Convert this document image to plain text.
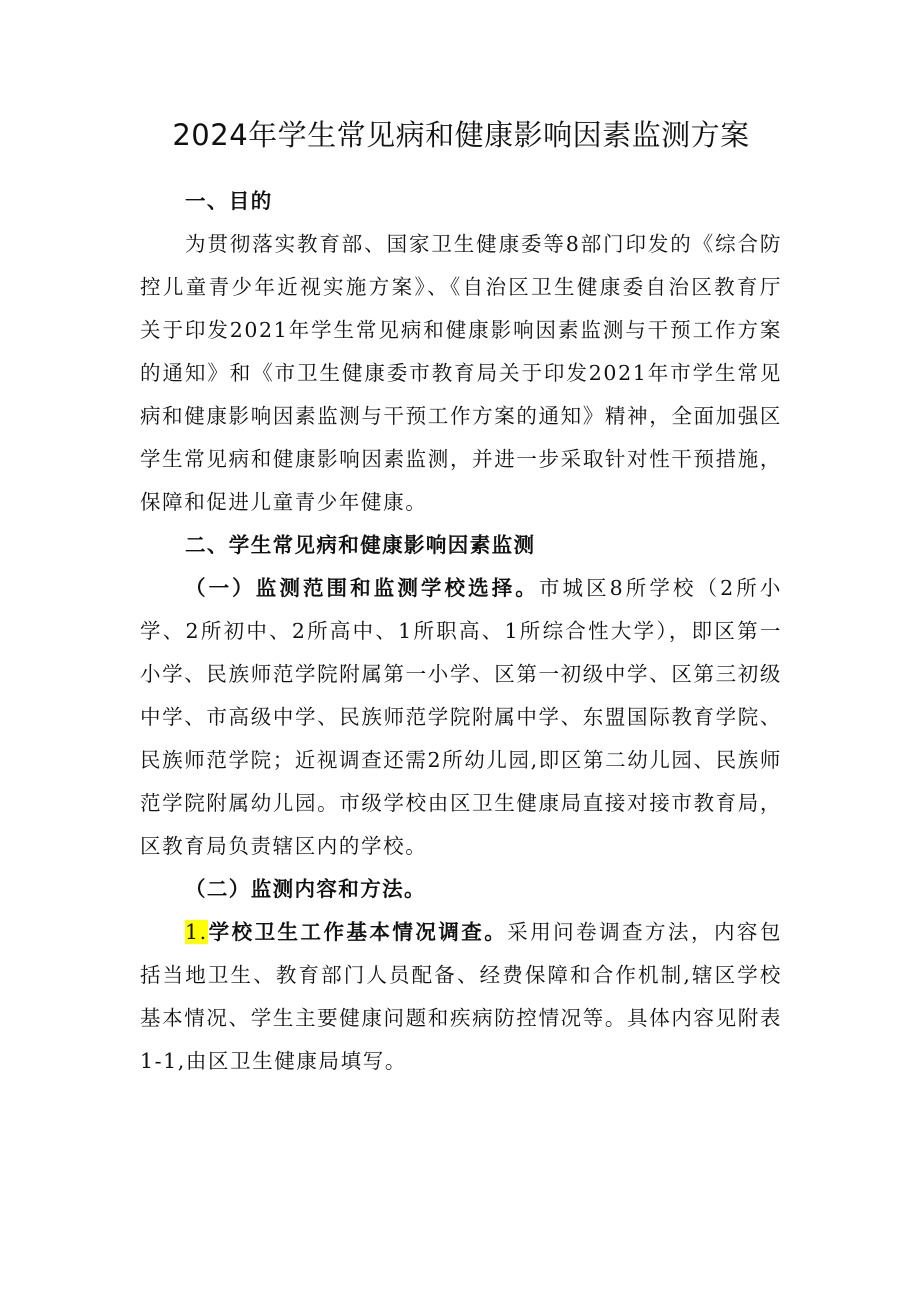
2024年学生常见病和健康影响因素监测方案

一、目的

为贯彻落实教育部、国家卫生健康委等8部门印发的《综合防控儿童青少年近视实施方案》、《自治区卫生健康委自治区教育厅关于印发2021年学生常见病和健康影响因素监测与干预工作方案的通知》和《市卫生健康委市教育局关于印发2021年市学生常见病和健康影响因素监测与干预工作方案的通知》精神，全面加强区学生常见病和健康影响因素监测，并进一步采取针对性干预措施，保障和促进儿童青少年健康。

二、学生常见病和健康影响因素监测

（一）监测范围和监测学校选择。市城区8所学校（2所小学、2所初中、2所高中、1所职高、1所综合性大学），即区第一小学、民族师范学院附属第一小学、区第一初级中学、区第三初级中学、市高级中学、民族师范学院附属中学、东盟国际教育学院、民族师范学院；近视调查还需2所幼儿园,即区第二幼儿园、民族师范学院附属幼儿园。市级学校由区卫生健康局直接对接市教育局，区教育局负责辖区内的学校。

（二）监测内容和方法。

1.学校卫生工作基本情况调查。采用问卷调查方法，内容包括当地卫生、教育部门人员配备、经费保障和合作机制,辖区学校基本情况、学生主要健康问题和疾病防控情况等。具体内容见附表1-1,由区卫生健康局填写。
